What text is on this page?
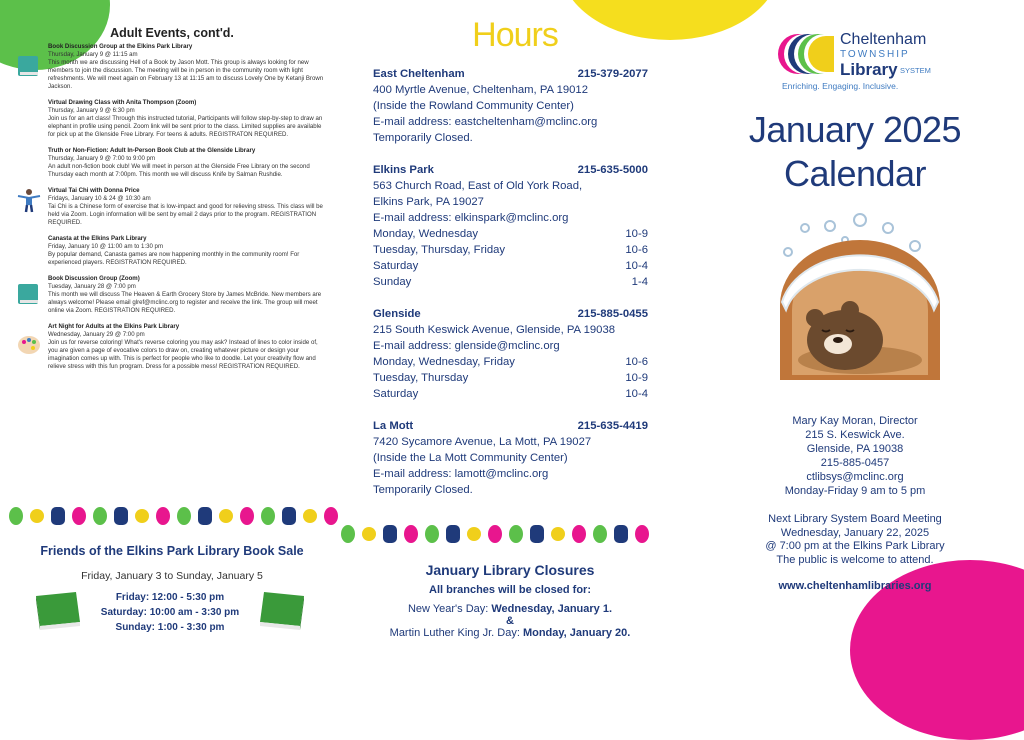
Adult Events, cont'd.
Book Discussion Group at the Elkins Park Library
Thursday, January 9 @ 11:15 am
This month we are discussing Hell of a Book by Jason Mott. This group is always looking for new members to join the discussion. The meeting will be in person in the community room with light refreshments. We will meet again on February 13 at 11:15 am to discuss Lovely One by Ketanji Brown Jackson.
Virtual Drawing Class with Anita Thompson (Zoom)
Thursday, January 9 @ 6:30 pm
Join us for an art class! Through this instructed tutorial, Participants will follow step-by-step to draw an elephant in profile using pencil. Zoom link will be sent prior to the class. Limited supplies are available for pick up at the Glenside Free Library. For teens & adults. REGISTRATON REQUIRED.
Truth or Non-Fiction: Adult In-Person Book Club at the Glenside Library
Thursday, January 9 @ 7:00 to 9:00 pm
An adult non-fiction book club! We will meet in person at the Glenside Free Library on the second Thursday each month at 7:00pm. This month we will discuss Knife by Salman Rushdie.
Virtual Tai Chi with Donna Price
Fridays, January 10 & 24 @ 10:30 am
Tai Chi is a Chinese form of exercise that is low-impact and good for relieving stress. This class will be held via Zoom. Login information will be sent by email 2 days prior to the program. REGISTRATION REQUIRED.
Canasta at the Elkins Park Library
Friday, January 10 @ 11:00 am to 1:30 pm
By popular demand, Canasta games are now happening monthly in the community room! For experienced players. REGISTRATION REQUIRED.
Book Discussion Group (Zoom)
Tuesday, January 28 @ 7:00 pm
This month we will discuss The Heaven & Earth Grocery Store by James McBride. New members are always welcome! Please email glref@mclinc.org to register and receive the link. The group will meet online via Zoom. REGISTRATION REQUIRED.
Art Night for Adults at the Elkins Park Library
Wednesday, January 29 @ 7:00 pm
Join us for reverse coloring! What's reverse coloring you may ask? Instead of lines to color inside of, you are given a page of evocative colors to draw on, creating whatever picture or design your imagination comes up with. This is perfect for people who like to doodle. Let your creativity flow and relieve stress with this fun program. Dress for a possible mess! REGISTRATION REQUIRED.
Friends of the Elkins Park Library Book Sale
Friday, January 3 to Sunday, January 5
Friday: 12:00 - 5:30 pm
Saturday: 10:00 am - 3:30 pm
Sunday: 1:00 - 3:30 pm
Hours
East Cheltenham	215-379-2077
400 Myrtle Avenue, Cheltenham, PA 19012
(Inside the Rowland Community Center)
E-mail address: eastcheltenham@mclinc.org
Temporarily Closed.
Elkins Park	215-635-5000
563 Church Road, East of Old York Road,
Elkins Park, PA 19027
E-mail address: elkinspark@mclinc.org
Monday, Wednesday	10-9
Tuesday, Thursday, Friday	10-6
Saturday	10-4
Sunday	1-4
Glenside	215-885-0455
215 South Keswick Avenue, Glenside, PA 19038
E-mail address: glenside@mclinc.org
Monday, Wednesday, Friday	10-6
Tuesday, Thursday	10-9
Saturday	10-4
La Mott	215-635-4419
7420 Sycamore Avenue, La Mott, PA 19027
(Inside the La Mott Community Center)
E-mail address: lamott@mclinc.org
Temporarily Closed.
January Library Closures
All branches will be closed for:
New Year's Day: Wednesday, January 1.
&
Martin Luther King Jr. Day: Monday, January 20.
Cheltenham
TOWNSHIP
Library SYSTEM
Enriching. Engaging. Inclusive.
January 2025
Calendar
Mary Kay Moran, Director
215 S. Keswick Ave.
Glenside, PA 19038
215-885-0457
ctlibsys@mclinc.org
Monday-Friday 9 am to 5 pm
Next Library System Board Meeting
Wednesday, January 22, 2025
@ 7:00 pm at the Elkins Park Library
The public is welcome to attend.
www.cheltenhamlibraries.org
